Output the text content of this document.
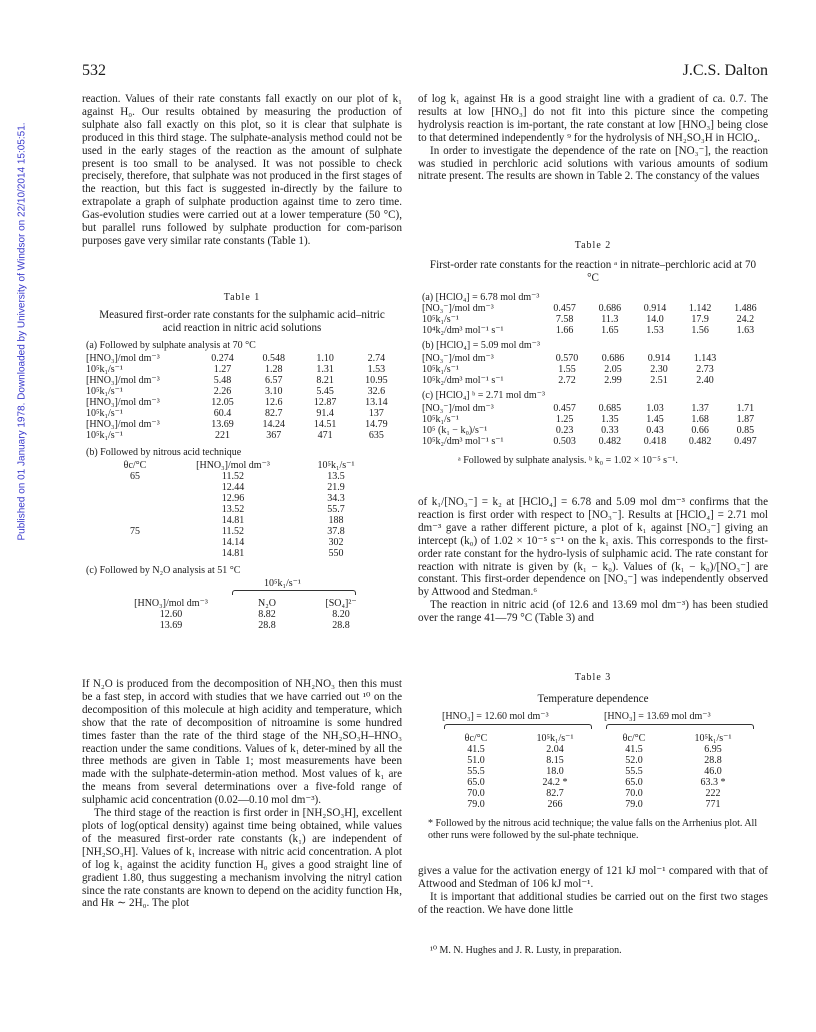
532	J.C.S. Dalton
Published on 01 January 1978. Downloaded by University of Windsor on 22/10/2014 15:05:51.

reaction. Values of their rate constants fall exactly on our plot of k₁ against H₀. Our results obtained by measuring the production of sulphate also fall exactly on this plot, so it is clear that sulphate is produced in this third stage. The sulphate-analysis method could not be used in the early stages of the reaction as the amount of sulphate present is too small to be analysed. It was not possible to check precisely, therefore, that sulphate was not produced in the first stages of the reaction, but this fact is suggested in-directly by the failure to extrapolate a graph of sulphate production against time to zero time. Gas-evolution studies were carried out at a lower temperature (50 °C), but parallel runs followed by sulphate production for com-parison purposes gave very similar rate constants (Table 1).

Table 1
Measured first-order rate constants for the sulphamic acid–nitric acid reaction in nitric acid solutions
(a) Followed by sulphate analysis at 70 °C
[HNO₃]/mol dm⁻³	0.274	0.548	1.10	2.74
10⁵k₁/s⁻¹	1.27	1.28	1.31	1.53
[HNO₃]/mol dm⁻³	5.48	6.57	8.21	10.95
10⁵k₁/s⁻¹	2.26	3.10	5.45	32.6
[HNO₃]/mol dm⁻³	12.05	12.6	12.87	13.14
10⁵k₁/s⁻¹	60.4	82.7	91.4	137
[HNO₃]/mol dm⁻³	13.69	14.24	14.51	14.79
10⁵k₁/s⁻¹	221	367	471	635
(b) Followed by nitrous acid technique
θc/°C	[HNO₃]/mol dm⁻³	10⁵k₁/s⁻¹
65	11.52	13.5
	12.44	21.9
	12.96	34.3
	13.52	55.7
	14.81	188
75	11.52	37.8
	14.14	302
	14.81	550
(c) Followed by N₂O analysis at 51 °C
10⁵k₁/s⁻¹
[HNO₃]/mol dm⁻³	N₂O	[SO₄]²⁻
12.60	8.82	8.20
13.69	28.8	28.8

If N₂O is produced from the decomposition of NH₂NO₃ then this must be a fast step, in accord with studies that we have carried out ¹⁰ on the decomposition of this molecule at high acidity and temperature, which show that the rate of decomposition of nitroamine is some hundred times faster than the rate of the third stage of the NH₂SO₃H–HNO₃ reaction under the same conditions. Values of k₁ deter-mined by all the three methods are given in Table 1; most measurements have been made with the sulphate-determin-ation method. Most values of k₁ are the means from several determinations over a five-fold range of sulphamic acid concentration (0.02—0.10 mol dm⁻³).

The third stage of the reaction is first order in [NH₂SO₃H], excellent plots of log(optical density) against time being obtained, while values of the measured first-order rate constants (k₁) are independent of [NH₂SO₃H]. Values of k₁ increase with nitric acid concentration. A plot of log k₁ against the acidity function H₀ gives a good straight line of gradient 1.80, thus suggesting a mechanism involving the nitryl cation since the rate constants are known to depend on the acidity function Hʀ, and Hʀ ∼ 2H₀. The plot

of log k₁ against Hʀ is a good straight line with a gradient of ca. 0.7. The results at low [HNO₃] do not fit into this picture since the competing hydrolysis reaction is im-portant, the rate constant at low [HNO₃] being close to that determined independently ⁹ for the hydrolysis of NH₂SO₃H in HClO₄.

In order to investigate the dependence of the rate on [NO₃⁻], the reaction was studied in perchloric acid solutions with various amounts of sodium nitrate present. The results are shown in Table 2. The constancy of the values

Table 2
First-order rate constants for the reaction ᵃ in nitrate–perchloric acid at 70 °C
(a) [HClO₄] = 6.78 mol dm⁻³
[NO₃⁻]/mol dm⁻³	0.457	0.686	0.914	1.142	1.486
10⁵k₁/s⁻¹	7.58	11.3	14.0	17.9	24.2
10⁴k₂/dm³ mol⁻¹ s⁻¹	1.66	1.65	1.53	1.56	1.63
(b) [HClO₄] = 5.09 mol dm⁻³
[NO₃⁻]/mol dm⁻³	0.570	0.686	0.914	1.143
10⁵k₁/s⁻¹	1.55	2.05	2.30	2.73
10⁵k₂/dm³ mol⁻¹ s⁻¹	2.72	2.99	2.51	2.40
(c) [HClO₄] ᵇ = 2.71 mol dm⁻³
[NO₃⁻]/mol dm⁻³	0.457	0.685	1.03	1.37	1.71
10⁵k₁/s⁻¹	1.25	1.35	1.45	1.68	1.87
10⁵ (k₁ − k₀)/s⁻¹	0.23	0.33	0.43	0.66	0.85
10⁵k₂/dm³ mol⁻¹ s⁻¹	0.503	0.482	0.418	0.482	0.497
ᵃ Followed by sulphate analysis. ᵇ k₀ = 1.02 × 10⁻⁵ s⁻¹.

of k₁/[NO₃⁻] = k₂ at [HClO₄] = 6.78 and 5.09 mol dm⁻³ confirms that the reaction is first order with respect to [NO₃⁻]. Results at [HClO₄] = 2.71 mol dm⁻³ gave a rather different picture, a plot of k₁ against [NO₃⁻] giving an intercept (k₀) of 1.02 × 10⁻⁵ s⁻¹ on the k₁ axis. This corresponds to the first-order rate constant for the hydro-lysis of sulphamic acid. The rate constant for reaction with nitrate is given by (k₁ − k₀). Values of (k₁ − k₀)/[NO₃⁻] are constant. This first-order dependence on [NO₃⁻] was independently observed by Attwood and Stedman.⁶

The reaction in nitric acid (of 12.6 and 13.69 mol dm⁻³) has been studied over the range 41—79 °C (Table 3) and

Table 3
Temperature dependence
[HNO₃] = 12.60 mol dm⁻³	[HNO₃] = 13.69 mol dm⁻³
θc/°C	10⁵k₁/s⁻¹	θc/°C	10⁵k₁/s⁻¹
41.5	2.04	41.5	6.95
51.0	8.15	52.0	28.8
55.5	18.0	55.5	46.0
65.0	24.2 *	65.0	63.3 *
70.0	82.7	70.0	222
79.0	266	79.0	771
* Followed by the nitrous acid technique; the value falls on the Arrhenius plot. All other runs were followed by the sul-phate technique.

gives a value for the activation energy of 121 kJ mol⁻¹ compared with that of Attwood and Stedman of 106 kJ mol⁻¹.

It is important that additional studies be carried out on the first two stages of the reaction. We have done little

¹⁰ M. N. Hughes and J. R. Lusty, in preparation.
